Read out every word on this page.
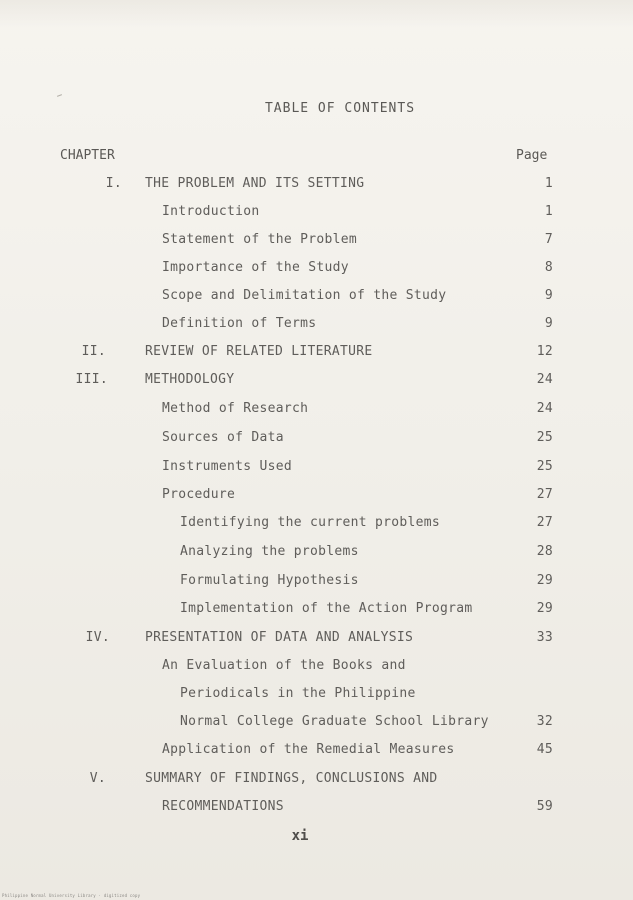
TABLE OF CONTENTS
CHAPTER	Page
I. THE PROBLEM AND ITS SETTING	1
Introduction	1
Statement of the Problem	7
Importance of the Study	8
Scope and Delimitation of the Study	9
Definition of Terms	9
II.	REVIEW OF RELATED LITERATURE	12
III.	METHODOLOGY	24
Method of Research	24
Sources of Data	25
Instruments Used	25
Procedure	27
Identifying the current problems	27
Analyzing the problems	28
Formulating Hypothesis	29
Implementation of the Action Program	29
IV.	PRESENTATION OF DATA AND ANALYSIS	33
An Evaluation of the Books and
Periodicals in the Philippine
Normal College Graduate School Library	32
Application of the Remedial Measures	45
V.	SUMMARY OF FINDINGS, CONCLUSIONS AND
RECOMMENDATIONS	59
xi
Philippine Normal University Library · digitized copy
